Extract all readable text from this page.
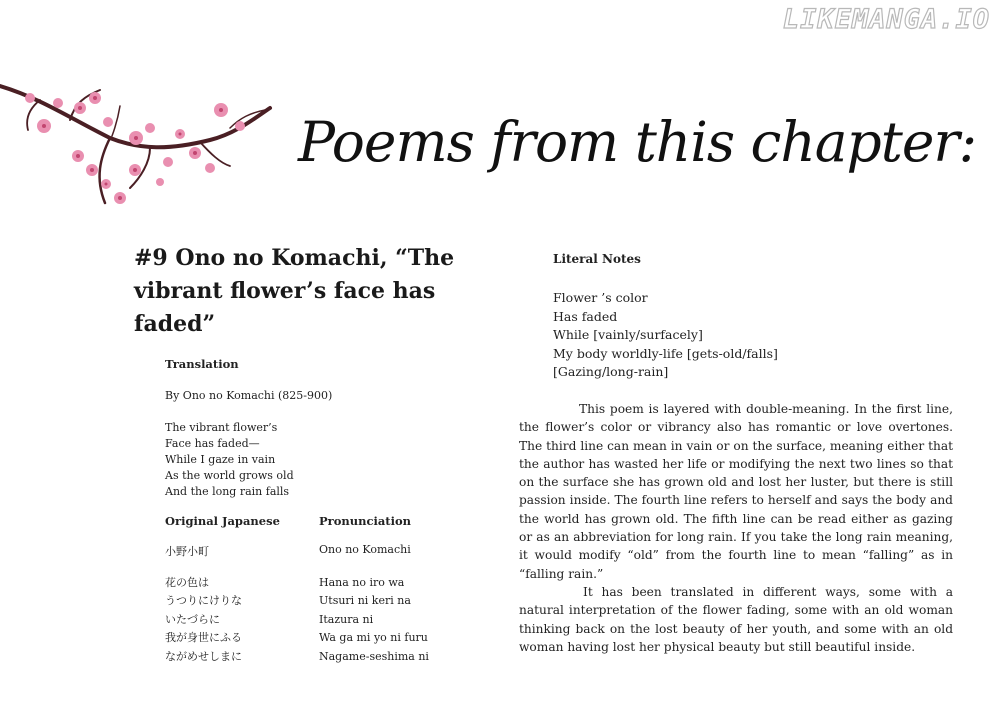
LIKEMANGA.IO
Poems from this chapter:
#9 Ono no Komachi, “The vibrant flower’s face has faded”
Translation
By Ono no Komachi (825-900)
The vibrant flower’s
Face has faded—
While I gaze in vain
As the world grows old
And the long rain falls
Original Japanese	Pronunciation
小野小町	Ono no Komachi
花の色は
うつりにけりな
いたづらに
我が身世にふる
ながめせしまに
Hana no iro wa
Utsuri ni keri na
Itazura ni
Wa ga mi yo ni furu
Nagame-seshima ni
Literal Notes
Flower ’s color
Has faded
While [vainly/surfacely]
My body worldly-life [gets-old/falls]
[Gazing/long-rain]

This poem is layered with double-meaning. In the first line, the flower’s color or vibrancy also has romantic or love overtones. The third line can mean in vain or on the surface, meaning either that the author has wasted her life or modifying the next two lines so that on the surface she has grown old and lost her luster, but there is still passion inside. The fourth line refers to herself and says the body and the world has grown old. The fifth line can be read either as gazing or as an abbreviation for long rain. If you take the long rain meaning, it would modify “old” from the fourth line to mean “falling” as in “falling rain.”

It has been translated in different ways, some with a natural interpretation of the flower fading, some with an old woman thinking back on the lost beauty of her youth, and some with an old woman having lost her physical beauty but still beautiful inside.
